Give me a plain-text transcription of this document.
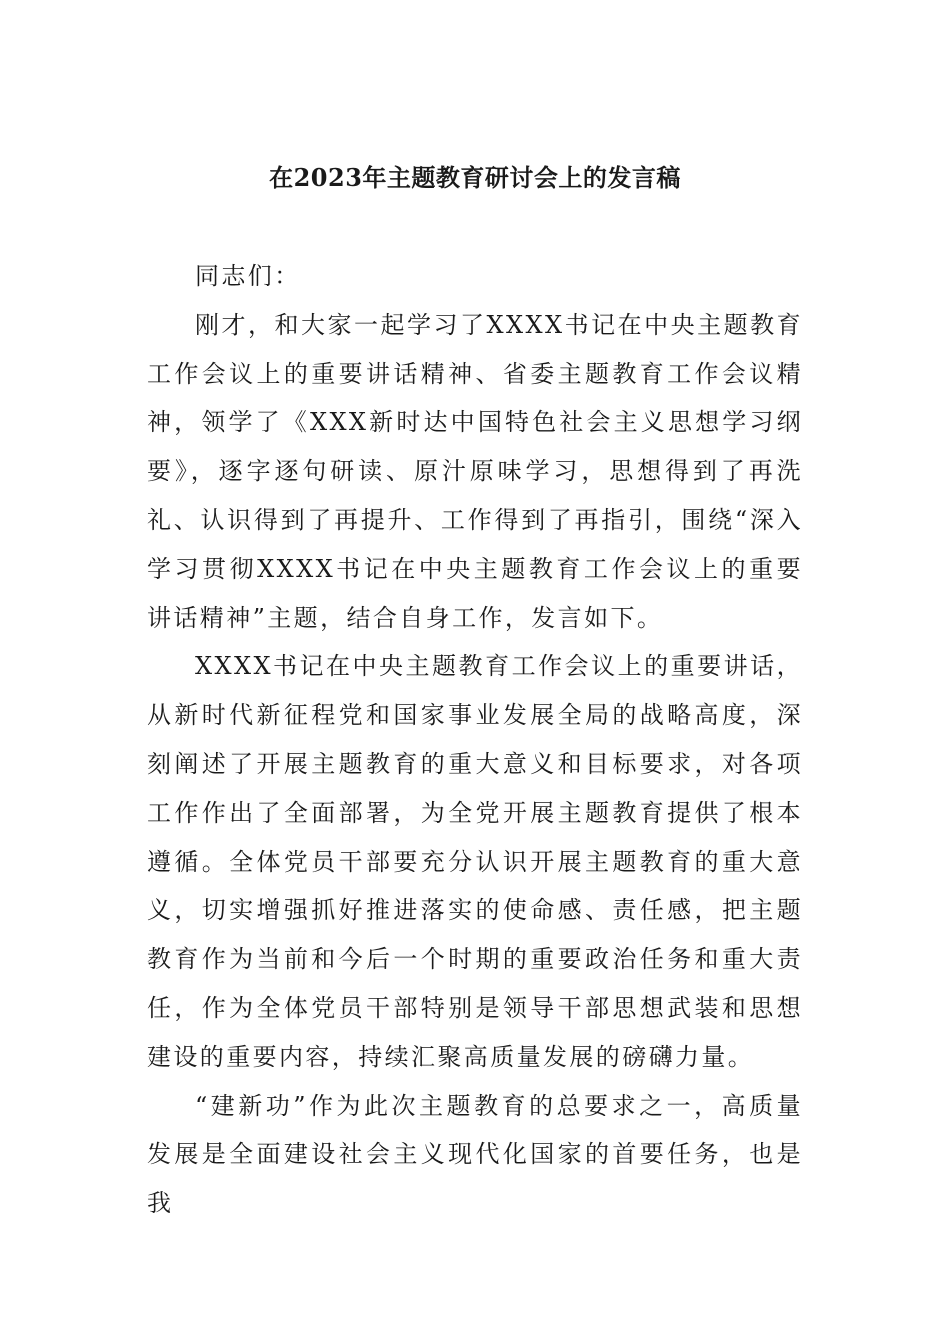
在2023年主题教育研讨会上的发言稿

同志们：

刚才，和大家一起学习了XXXX书记在中央主题教育工作会议上的重要讲话精神、省委主题教育工作会议精神，领学了《XXX新时达中国特色社会主义思想学习纲要》，逐字逐句研读、原汁原味学习，思想得到了再洗礼、认识得到了再提升、工作得到了再指引，围绕“深入学习贯彻XXXX书记在中央主题教育工作会议上的重要讲话精神”主题，结合自身工作，发言如下。

XXXX书记在中央主题教育工作会议上的重要讲话，从新时代新征程党和国家事业发展全局的战略高度，深刻阐述了开展主题教育的重大意义和目标要求，对各项工作作出了全面部署，为全党开展主题教育提供了根本遵循。全体党员干部要充分认识开展主题教育的重大意义，切实增强抓好推进落实的使命感、责任感，把主题教育作为当前和今后一个时期的重要政治任务和重大责任，作为全体党员干部特别是领导干部思想武装和思想建设的重要内容，持续汇聚高质量发展的磅礴力量。

“建新功”作为此次主题教育的总要求之一，高质量发展是全面建设社会主义现代化国家的首要任务，也是我
